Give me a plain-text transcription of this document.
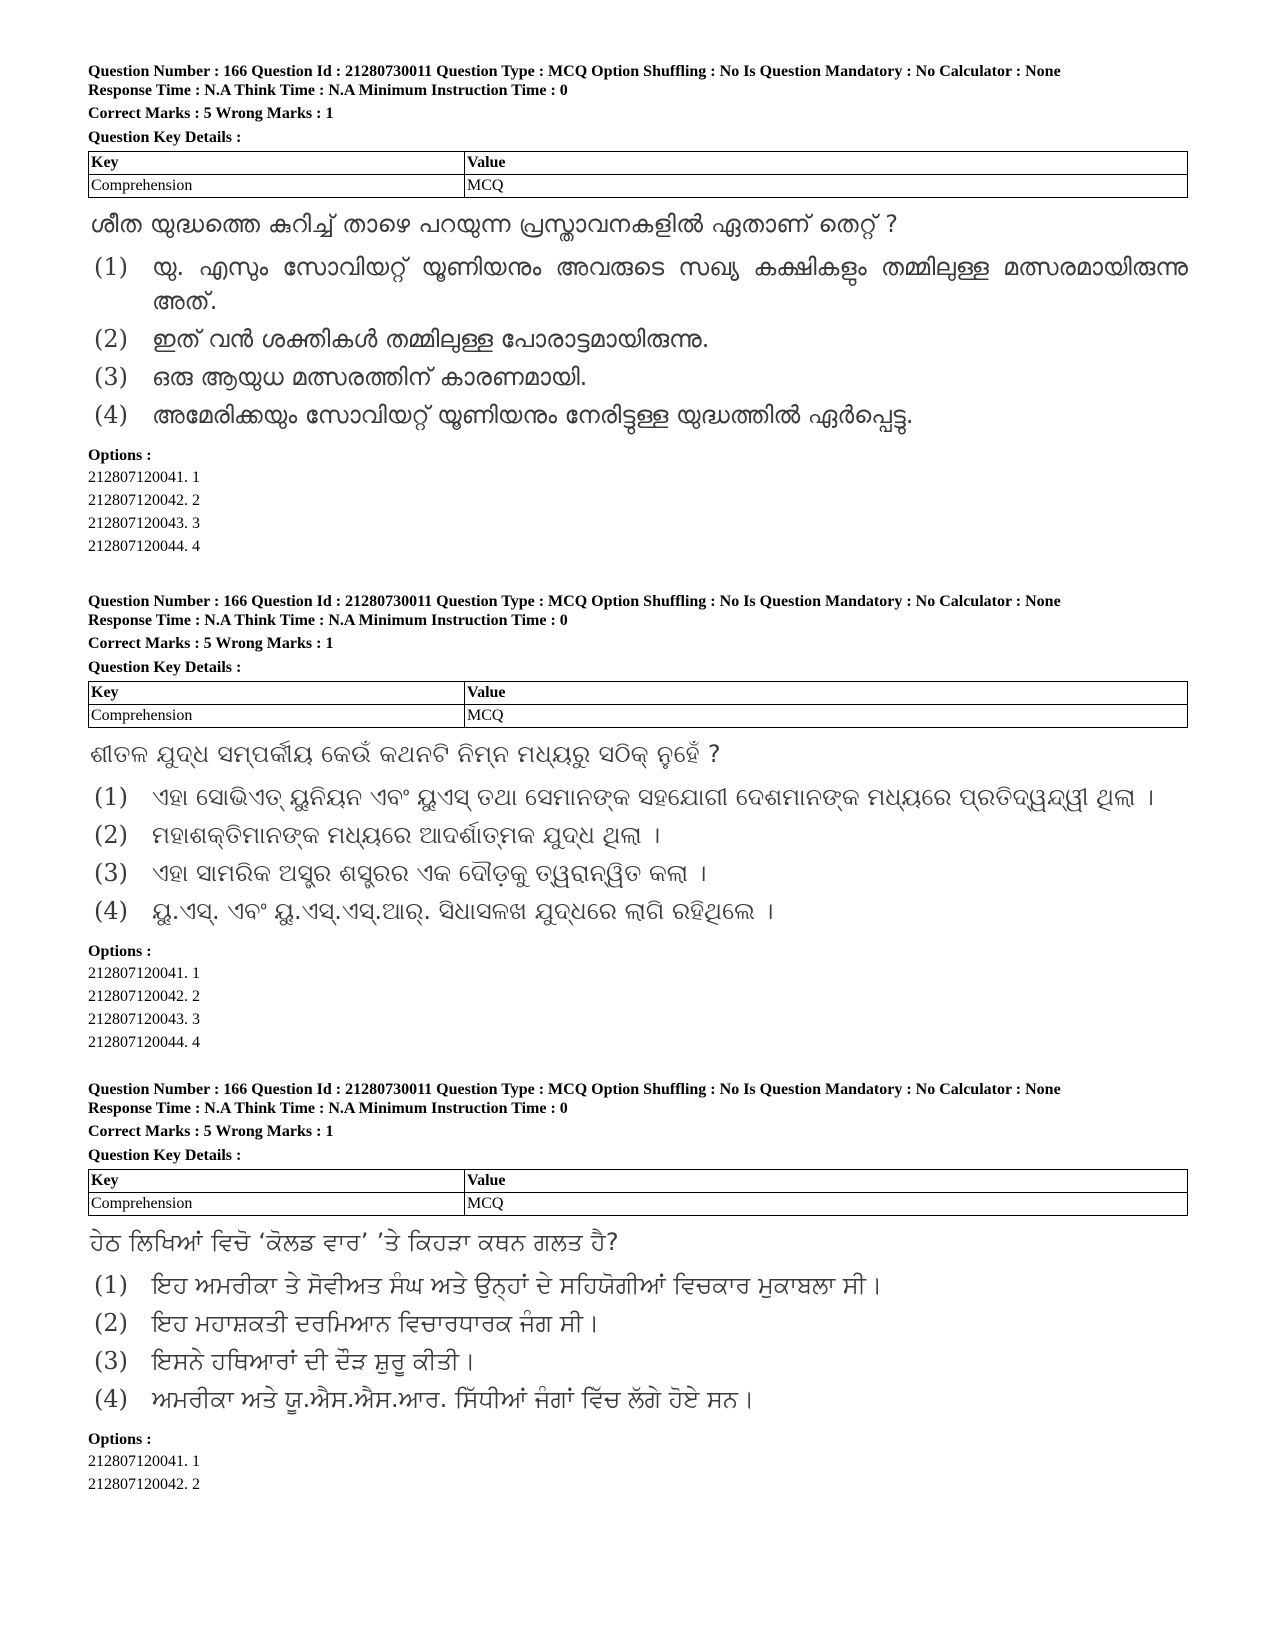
Question Number : 166 Question Id : 21280730011 Question Type : MCQ Option Shuffling : No Is Question Mandatory : No Calculator : None
Response Time : N.A Think Time : N.A Minimum Instruction Time : 0
Correct Marks : 5 Wrong Marks : 1
Question Key Details :
Key	Value
Comprehension	MCQ
ശീത യുദ്ധത്തെ കുറിച്ച് താഴെ പറയുന്ന പ്രസ്താവനകളിൽ ഏതാണ് തെറ്റ് ?
(1)	യു. എസും സോവിയറ്റ് യൂണിയനും അവരുടെ സഖ്യ കക്ഷികളും തമ്മിലുള്ള മത്സരമായിരുന്നു അത്.
(2)	ഇത് വൻ ശക്തികൾ തമ്മിലുള്ള പോരാട്ടമായിരുന്നു.
(3)	ഒരു ആയുധ മത്സരത്തിന് കാരണമായി.
(4)	അമേരിക്കയും സോവിയറ്റ് യൂണിയനും നേരിട്ടുള്ള യുദ്ധത്തിൽ ഏർപ്പെട്ടു.
Options :
212807120041. 1
212807120042. 2
212807120043. 3
212807120044. 4
Question Number : 166 Question Id : 21280730011 Question Type : MCQ Option Shuffling : No Is Question Mandatory : No Calculator : None
Response Time : N.A Think Time : N.A Minimum Instruction Time : 0
Correct Marks : 5 Wrong Marks : 1
Question Key Details :
Key	Value
Comprehension	MCQ
ଶୀତଳ ଯୁଦ୍ଧ ସମ୍ପର୍କୀୟ କେଉଁ କଥନଟି ନିମ୍ନ ମଧ୍ୟରୁ ସଠିକ୍ ନୁହେଁ ?
(1)	ଏହା ସୋଭିଏତ୍ ୟୁନିୟନ ଏବଂ ୟୁଏସ୍ ତଥା ସେମାନଙ୍କ ସହଯୋଗୀ ଦେଶମାନଙ୍କ ମଧ୍ୟରେ ପ୍ରତିଦ୍ୱନ୍ଦ୍ୱୀ ଥିଲା ।
(2)	ମହାଶକ୍ତିମାନଙ୍କ ମଧ୍ୟରେ ଆଦର୍ଶାତ୍ମକ ଯୁଦ୍ଧ ଥିଲା ।
(3)	ଏହା ସାମରିକ ଅସ୍ତ୍ର ଶସ୍ତ୍ରର ଏକ ଦୌଡ଼କୁ ତ୍ୱରାନ୍ୱିତ କଲା ।
(4)	ୟୁ.ଏସ୍. ଏବଂ ୟୁ.ଏସ୍.ଏସ୍.ଆର୍. ସିଧାସଳଖ ଯୁଦ୍ଧରେ ଲାଗି ରହିଥିଲେ ।
Options :
212807120041. 1
212807120042. 2
212807120043. 3
212807120044. 4
Question Number : 166 Question Id : 21280730011 Question Type : MCQ Option Shuffling : No Is Question Mandatory : No Calculator : None
Response Time : N.A Think Time : N.A Minimum Instruction Time : 0
Correct Marks : 5 Wrong Marks : 1
Question Key Details :
Key	Value
Comprehension	MCQ
ਹੇਠ ਲਿਖਿਆਂ ਵਿਚੋ ‘ਕੋਲਡ ਵਾਰ’ ’ਤੇ ਕਿਹੜਾ ਕਥਨ ਗਲਤ ਹੈ?
(1)	ਇਹ ਅਮਰੀਕਾ ਤੇ ਸੋਵੀਅਤ ਸੰਘ ਅਤੇ ਉਨ੍ਹਾਂ ਦੇ ਸਹਿਯੋਗੀਆਂ ਵਿਚਕਾਰ ਮੁਕਾਬਲਾ ਸੀ।
(2)	ਇਹ ਮਹਾਸ਼ਕਤੀ ਦਰਮਿਆਨ ਵਿਚਾਰਧਾਰਕ ਜੰਗ ਸੀ।
(3)	ਇਸਨੇ ਹਥਿਆਰਾਂ ਦੀ ਦੌੜ ਸ਼ੁਰੂ ਕੀਤੀ।
(4)	ਅਮਰੀਕਾ ਅਤੇ ਯੂ.ਐਸ.ਐਸ.ਆਰ. ਸਿੱਧੀਆਂ ਜੰਗਾਂ ਵਿੱਚ ਲੱਗੇ ਹੋਏ ਸਨ।
Options :
212807120041. 1
212807120042. 2
